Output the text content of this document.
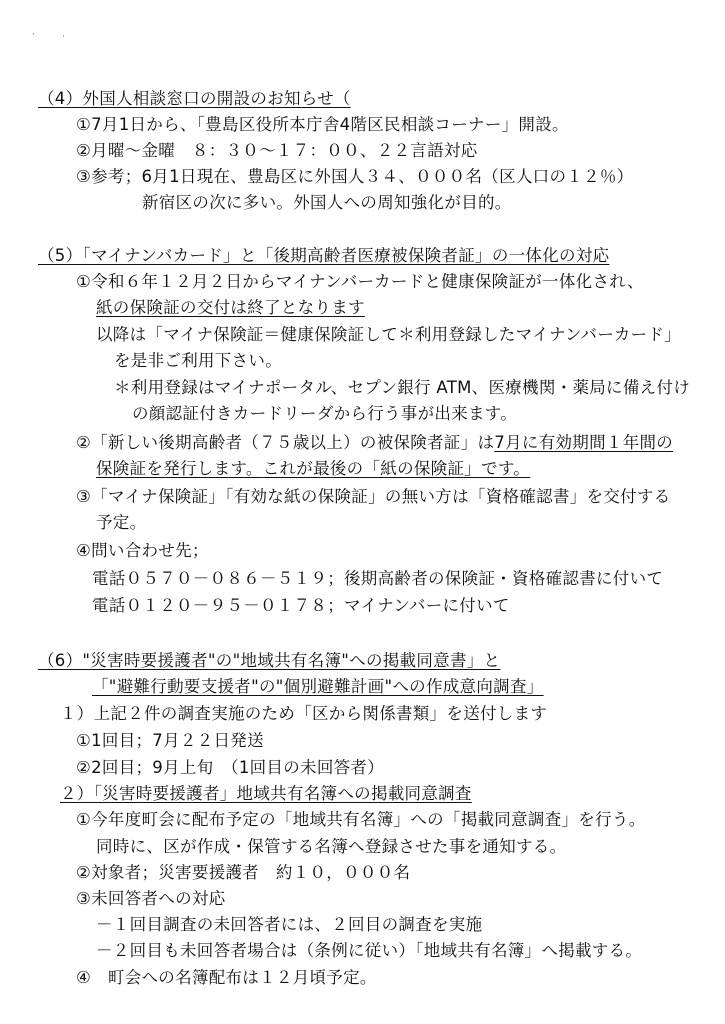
·	·
（4）外国人相談窓口の開設のお知らせ（
①7月1日から、「豊島区役所本庁舎4階区民相談コーナー」開設。
②月曜～金曜　８：３０～１７：００、２２言語対応
③参考；6月1日現在、豊島区に外国人３４、０００名（区人口の１２％）
新宿区の次に多い。外国人への周知強化が目的。
（5）「マイナンバカード」と「後期高齢者医療被保険者証」の一体化の対応
①令和６年１２月２日からマイナンバーカードと健康保険証が一体化され、
紙の保険証の交付は終了となります
以降は「マイナ保険証＝健康保険証して＊利用登録したマイナンバーカード」
を是非ご利用下さい。
＊利用登録はマイナポータル、セプン銀行 ATM、医療機関・薬局に備え付け
の顔認証付きカードリーダから行う事が出来ます。
②「新しい後期高齢者（７５歳以上）の被保険者証」は7月に有効期間１年間の
保険証を発行します。これが最後の「紙の保険証」です。
③「マイナ保険証」「有効な紙の保険証」の無い方は「資格確認書」を交付する
予定。
④問い合わせ先；
電話０５７０－０８６－５１９；後期高齢者の保険証・資格確認書に付いて
電話０１２０－９５－０１７８；マイナンバーに付いて
（6）"災害時要援護者"の"地域共有名簿"への掲載同意書」と
「"避難行動要支援者"の"個別避難計画"への作成意向調査」
１）上記２件の調査実施のため「区から関係書類」を送付します
①1回目；7月２２日発送
②2回目；9月上旬　（1回目の未回答者）
２）「災害時要援護者」地域共有名簿への掲載同意調査
①今年度町会に配布予定の「地域共有名簿」への「掲載同意調査」を行う。
同時に、区が作成・保管する名簿へ登録させた事を通知する。
②対象者；災害要援護者　約１０，０００名
③未回答者への対応
－１回目調査の未回答者には、２回目の調査を実施
－２回目も未回答者場合は（条例に従い）「地域共有名簿」へ掲載する。
④　町会への名簿配布は１２月頃予定。
